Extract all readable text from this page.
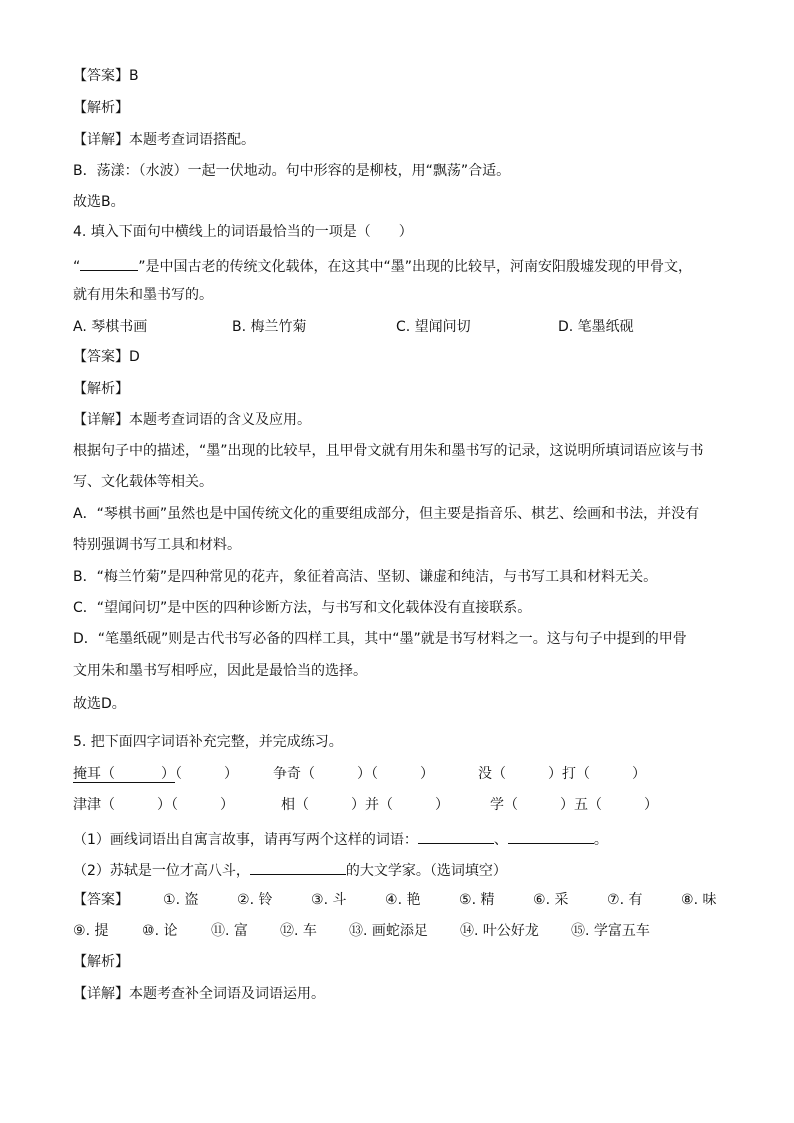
【答案】B
【解析】
【详解】本题考查词语搭配。
B．荡漾：（水波）一起一伏地动。句中形容的是柳枝，用“飘荡”合适。
故选B。
4. 填入下面句中横线上的词语最恰当的一项是（　　）
“	”是中国古老的传统文化载体，在这其中“墨”出现的比较早，河南安阳殷墟发现的甲骨文，
就有用朱和墨书写的。
A. 琴棋书画	B. 梅兰竹菊	C. 望闻问切	D. 笔墨纸砚
【答案】D
【解析】
【详解】本题考查词语的含义及应用。
根据句子中的描述，“墨”出现的比较早，且甲骨文就有用朱和墨书写的记录，这说明所填词语应该与书
写、文化载体等相关。
A．“琴棋书画”虽然也是中国传统文化的重要组成部分，但主要是指音乐、棋艺、绘画和书法，并没有
特别强调书写工具和材料。
B．“梅兰竹菊”是四种常见的花卉，象征着高洁、坚韧、谦虚和纯洁，与书写工具和材料无关。
C．“望闻问切”是中医的四种诊断方法，与书写和文化载体没有直接联系。
D．“笔墨纸砚”则是古代书写必备的四样工具，其中“墨”就是书写材料之一。这与句子中提到的甲骨
文用朱和墨书写相呼应，因此是最恰当的选择。
故选D。
5. 把下面四字词语补充完整，并完成练习。
掩耳（　　　	）（　　　）	争奇（　　　）（　　　）	没（　　　）打（　　　）
津津（　　　）（　　　）	相（　　　）并（　　　）	学（　　　）五（　　　）
（1）画线词语出自寓言故事，请再写两个这样的词语：	、	。
（2）苏轼是一位才高八斗，	的大文学家。（选词填空）
【答案】 ①. 盗	②. 铃	③. 斗	④. 艳	⑤. 精	⑥. 采	⑦. 有	⑧. 味
⑨. 提 ⑩. 论 ⑪. 富 ⑫. 车 ⑬. 画蛇添足 ⑭. 叶公好龙 ⑮. 学富五车
【解析】
【详解】本题考查补全词语及词语运用。
